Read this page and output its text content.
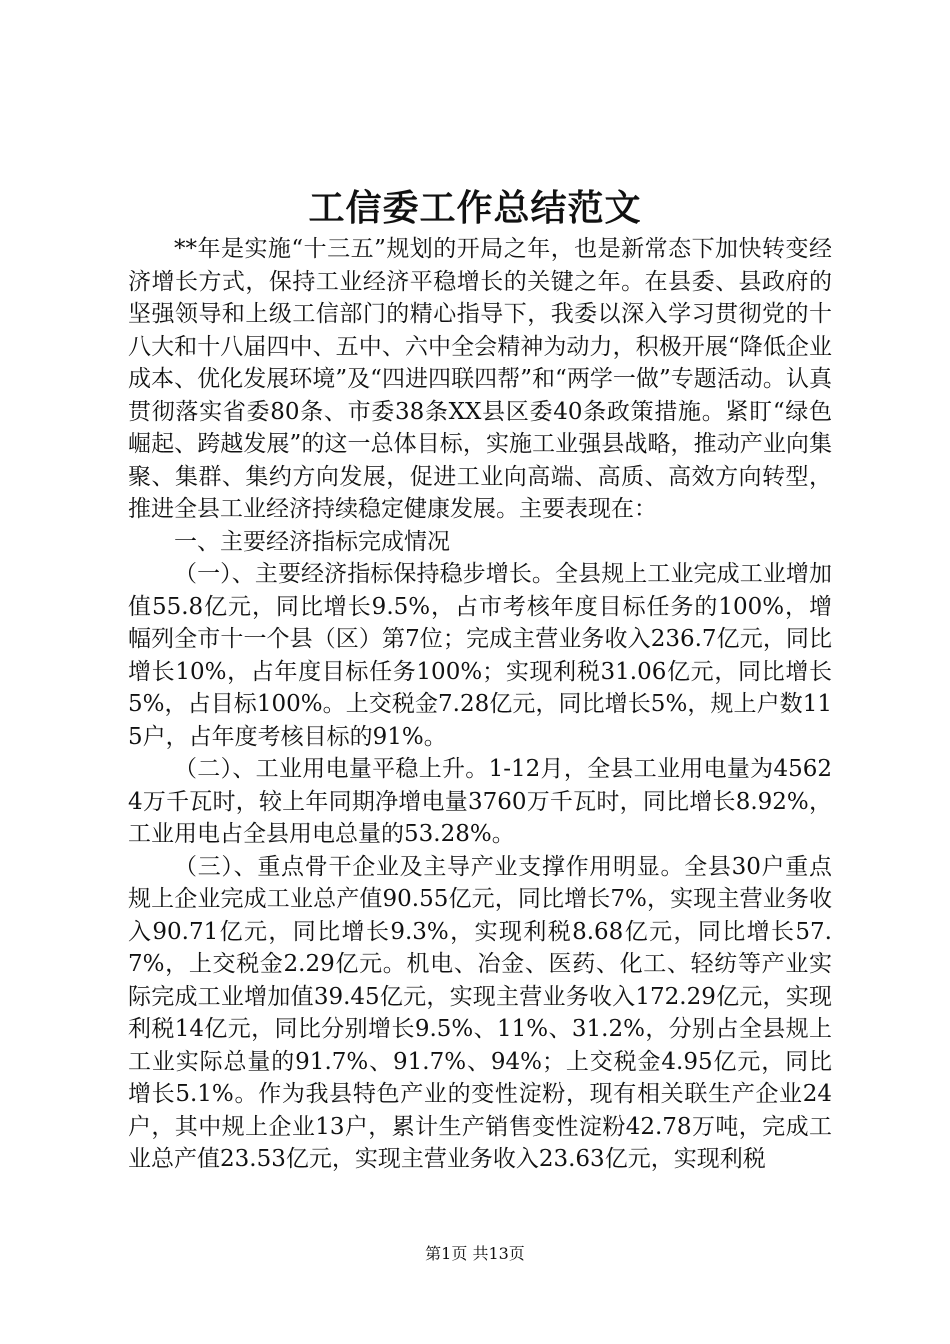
工信委工作总结范文

**年是实施“十三五”规划的开局之年，也是新常态下加快转变经济增长方式，保持工业经济平稳增长的关键之年。在县委、县政府的坚强领导和上级工信部门的精心指导下，我委以深入学习贯彻党的十八大和十八届四中、五中、六中全会精神为动力，积极开展“降低企业成本、优化发展环境”及“四进四联四帮”和“两学一做”专题活动。认真贯彻落实省委80条、市委38条XX县区委40条政策措施。紧盯“绿色崛起、跨越发展”的这一总体目标，实施工业强县战略，推动产业向集聚、集群、集约方向发展，促进工业向高端、高质、高效方向转型，推进全县工业经济持续稳定健康发展。主要表现在：

一、主要经济指标完成情况

（一）、主要经济指标保持稳步增长。全县规上工业完成工业增加值55.8亿元，同比增长9.5%，占市考核年度目标任务的100%，增幅列全市十一个县（区）第7位；完成主营业务收入236.7亿元，同比增长10%，占年度目标任务100%；实现利税31.06亿元，同比增长5%，占目标100%。上交税金7.28亿元，同比增长5%，规上户数115户，占年度考核目标的91%。

（二）、工业用电量平稳上升。1-12月，全县工业用电量为45624万千瓦时，较上年同期净增电量3760万千瓦时，同比增长8.92%，工业用电占全县用电总量的53.28%。

（三）、重点骨干企业及主导产业支撑作用明显。全县30户重点规上企业完成工业总产值90.55亿元，同比增长7%，实现主营业务收入90.71亿元，同比增长9.3%，实现利税8.68亿元，同比增长57.7%，上交税金2.29亿元。机电、冶金、医药、化工、轻纺等产业实际完成工业增加值39.45亿元，实现主营业务收入172.29亿元，实现利税14亿元，同比分别增长9.5%、11%、31.2%，分别占全县规上工业实际总量的91.7%、91.7%、94%；上交税金4.95亿元，同比增长5.1%。作为我县特色产业的变性淀粉，现有相关联生产企业24户，其中规上企业13户，累计生产销售变性淀粉42.78万吨，完成工业总产值23.53亿元，实现主营业务收入23.63亿元，实现利税

第1页 共13页
